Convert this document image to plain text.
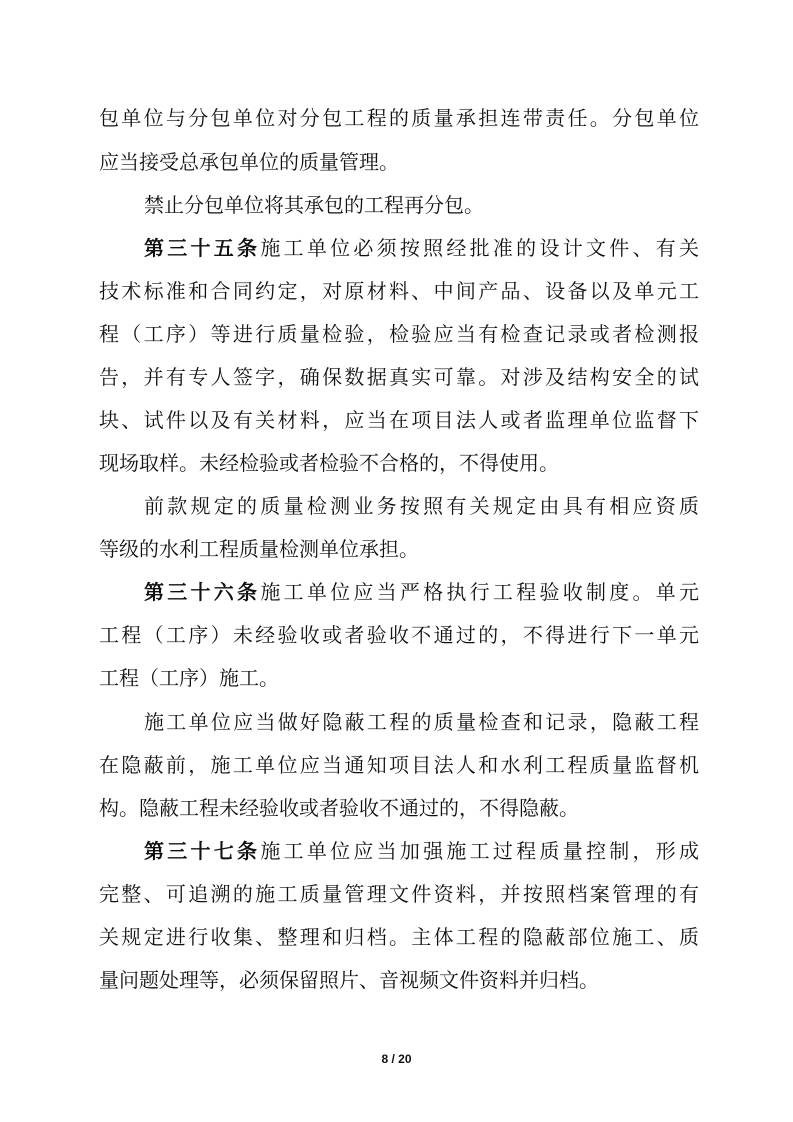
包单位与分包单位对分包工程的质量承担连带责任。分包单位
应当接受总承包单位的质量管理。
禁止分包单位将其承包的工程再分包。
第三十五条施工单位必须按照经批准的设计文件、有关
技术标准和合同约定，对原材料、中间产品、设备以及单元工
程（工序）等进行质量检验，检验应当有检查记录或者检测报
告，并有专人签字，确保数据真实可靠。对涉及结构安全的试
块、试件以及有关材料，应当在项目法人或者监理单位监督下
现场取样。未经检验或者检验不合格的，不得使用。
前款规定的质量检测业务按照有关规定由具有相应资质
等级的水利工程质量检测单位承担。
第三十六条施工单位应当严格执行工程验收制度。单元
工程（工序）未经验收或者验收不通过的，不得进行下一单元
工程（工序）施工。
施工单位应当做好隐蔽工程的质量检查和记录，隐蔽工程
在隐蔽前，施工单位应当通知项目法人和水利工程质量监督机
构。隐蔽工程未经验收或者验收不通过的，不得隐蔽。
第三十七条施工单位应当加强施工过程质量控制，形成
完整、可追溯的施工质量管理文件资料，并按照档案管理的有
关规定进行收集、整理和归档。主体工程的隐蔽部位施工、质
量问题处理等，必须保留照片、音视频文件资料并归档。
8 / 20
